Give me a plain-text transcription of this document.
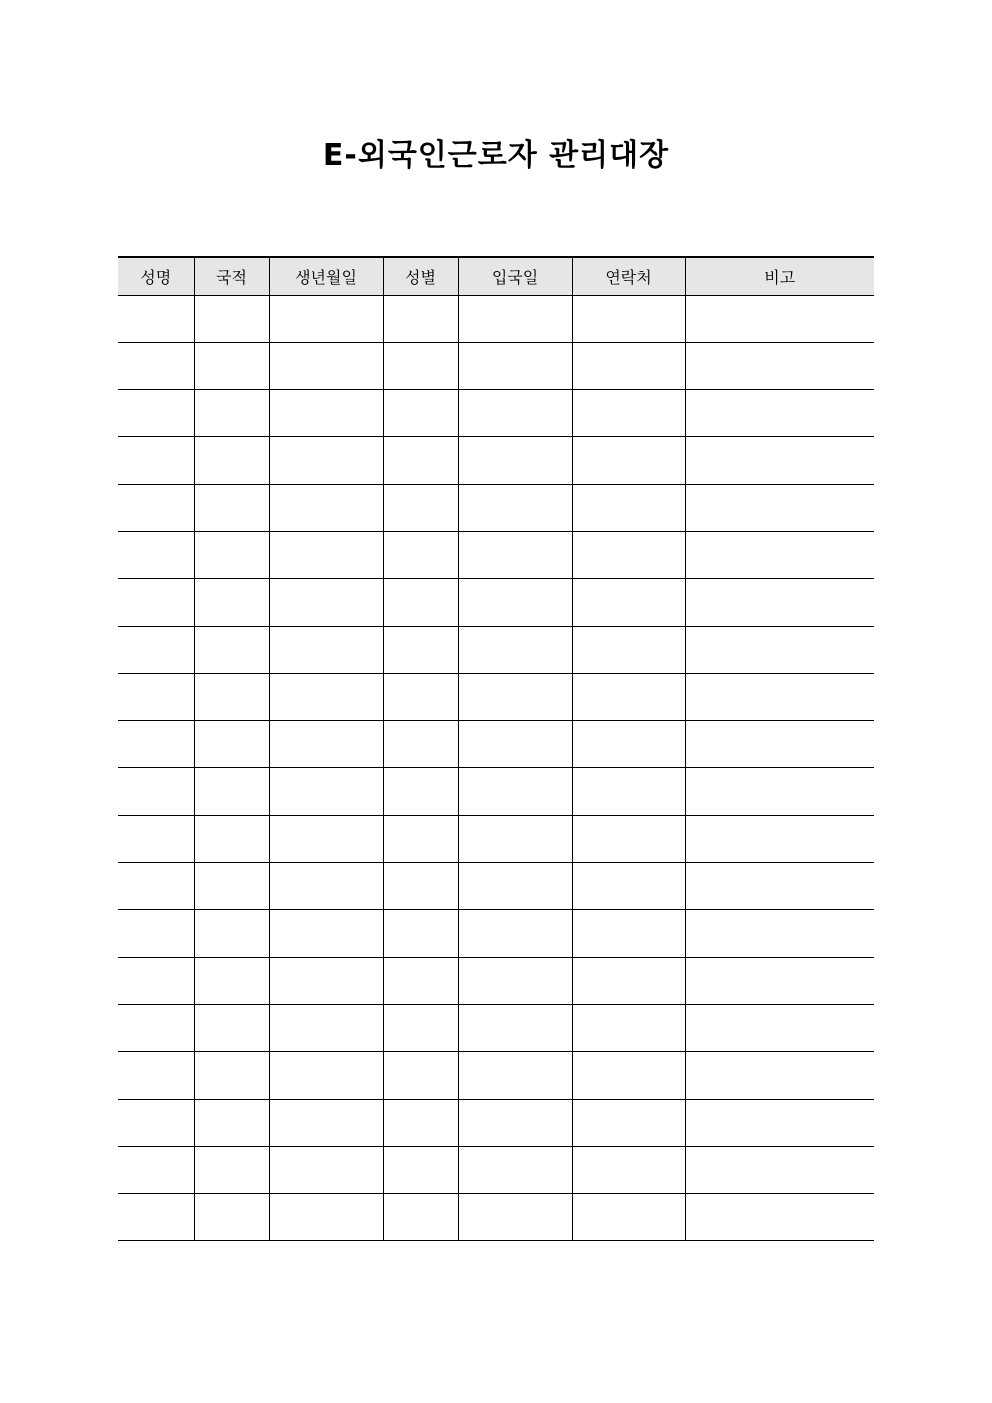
E-외국인근로자 관리대장
성명	국적	생년월일	성별	입국일	연락처	비고
